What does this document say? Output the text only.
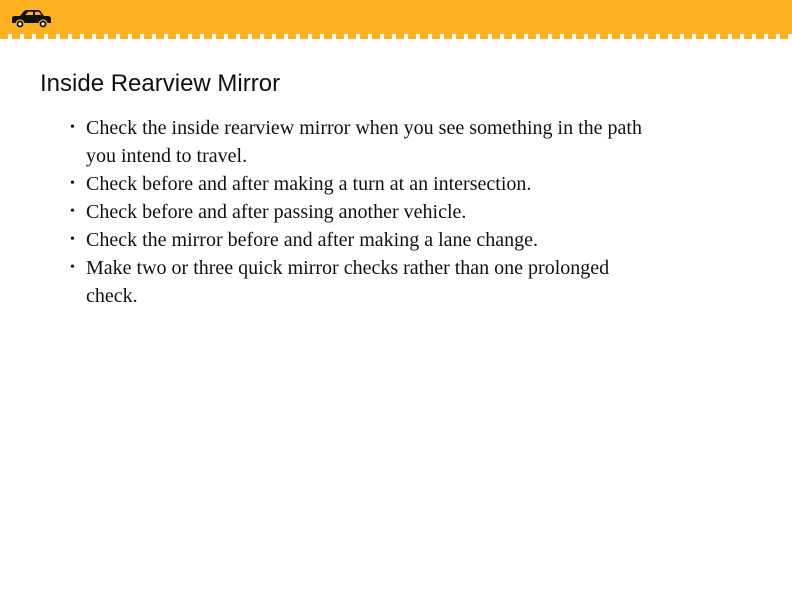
Inside Rearview Mirror
• Check the inside rearview mirror when you see something in the path you intend to travel.
• Check before and after making a turn at an intersection.
• Check before and after passing another vehicle.
• Check the mirror before and after making a lane change.
• Make two or three quick mirror checks rather than one prolonged check.
